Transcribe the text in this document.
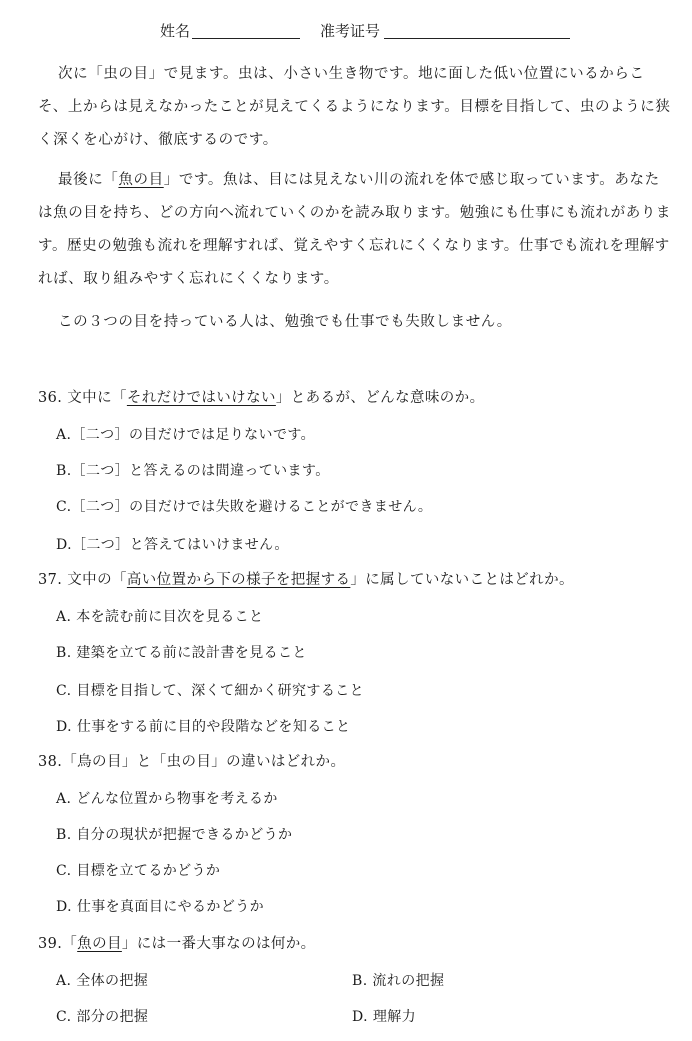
姓名	准考证号

次に「虫の目」で見ます。虫は、小さい生き物です。地に面した低い位置にいるからこそ、上からは見えなかったことが見えてくるようになります。目標を目指して、虫のように狭く深くを心がけ、徹底するのです。

最後に「魚の目」です。魚は、目には見えない川の流れを体で感じ取っています。あなたは魚の目を持ち、どの方向へ流れていくのかを読み取ります。勉強にも仕事にも流れがあります。歴史の勉強も流れを理解すれば、覚えやすく忘れにくくなります。仕事でも流れを理解すれば、取り組みやすく忘れにくくなります。

この３つの目を持っている人は、勉強でも仕事でも失敗しません。

36. 文中に「それだけではいけない」とあるが、どんな意味のか。
A.［二つ］の目だけでは足りないです。
B.［二つ］と答えるのは間違っています。
C.［二つ］の目だけでは失敗を避けることができません。
D.［二つ］と答えてはいけません。
37. 文中の「高い位置から下の様子を把握する」に属していないことはどれか。
A. 本を読む前に目次を見ること
B. 建築を立てる前に設計書を見ること
C. 目標を目指して、深くて細かく研究すること
D. 仕事をする前に目的や段階などを知ること
38.「鳥の目」と「虫の目」の違いはどれか。
A. どんな位置から物事を考えるか
B. 自分の現状が把握できるかどうか
C. 目標を立てるかどうか
D. 仕事を真面目にやるかどうか
39.「魚の目」には一番大事なのは何か。
A. 全体の把握	B. 流れの把握
C. 部分の把握	D. 理解力
